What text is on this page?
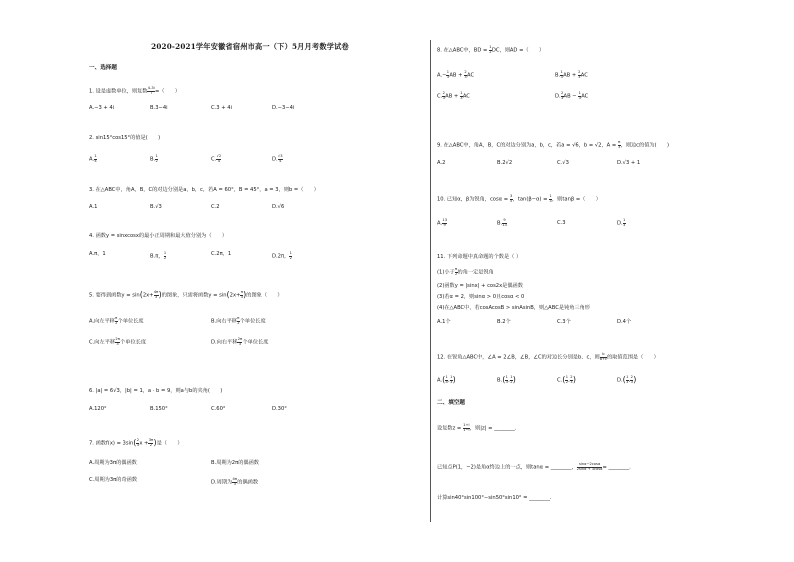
2020-2021学年安徽省宿州市高一（下）5月月考数学试卷
一、选择题
1. 设是虚数单位，则复数 $\frac{4-3i}{i}$ =（　　）
A.−3 + 4i	B.3−4i	C.3 + 4i	D.−3−4i
2. sin15°cos15°的值是(　　)
A. $\frac{1}{4}$	B. $\frac{1}{2}$	C. $\frac{√2}{4}$	D. $\frac{√3}{4}$
3. 在△ABC中，角A，B，C的对边分别是a，b，c，若A = 60°，B = 45°，a = 3，则b =（　　）
A.1	B.√3	C.2	D.√6
4. 函数y = sinxcosx的最小正周期和最大值分别为（　　）
A.π，1	B.π， $\frac{1}{2}$	C.2π，1	D.2π， $\frac{1}{2}$
5. 要得到函数$y = \sin(2x+ \frac{4\pi}{3}$ )的图象，只需将函数$y = \sin(2x+ \frac{\pi}{3}$ )的图象（　　）
A.向左平移 $\frac{\pi}{2}$ 个单位长度	B.向右平移 $\frac{\pi}{2}$ 个单位长度
C.向左平移 $\frac{2\pi}{3}$ 个单位长度	D.向右平移 $\frac{2\pi}{3}$ 个单位长度
6. |a| = 6√3，|b| = 1，a · b = 9，则a与b的夹角(　　)
A.120°	B.150°	C.60°	D.30°
7. 函数$f(x) = 3\sin( \frac{2}{3}$ $x + \frac{3\pi}{2}$ )是（　　）
A.周期为3π的偶函数	B.周期为2π的偶函数
C.周期为3π的奇函数	D.周期为 $\frac{4\pi}{3}$ 的偶函数
8. 在△ABC中，BD = $\frac{1}{2}$ DC，则AD =（　　）
$A.- \frac{1}{3}$ AB + $\frac{2}{3}$ AC	B. $\frac{1}{3}$ AB + $\frac{2}{3}$ AC
C. $\frac{2}{3}$ AB + $\frac{1}{3}$ AC	D. $\frac{2}{3}$ AB − $\frac{1}{3}$ AC
9. 在△ABC中，角A，B，C的对边分别为a，b，c，若a = √6，b = √2，$A = \frac{\pi}{3}$ ，则边c的值为(　　)
A.2	B.2√2	C.√3	D.√3 + 1
10. 已知α，β为锐角，$\cos\alpha = \frac{3}{5}$ ，$\tan(\beta-\alpha) = \frac{1}{3}$ ，则tanβ =（　　）
A. $\frac{13}{9}$	B. $\frac{9}{13}$	C.3	D. $\frac{1}{3}$
11. 下列命题中真命题的个数是（ ）
(1)小于 $\frac{\pi}{2}$ 的角一定是锐角
(2)函数y = |sinx| + cos2x是偶函数
(3)若α = 2，则sinα > 0且cosα < 0
(4)在△ABC中，若cosAcosB > sinAsinB，则△ABC是钝角三角形
A.1个	B.2个	C.3个	D.4个
12. 在锐角△ABC中，∠A = 2∠B，∠B，∠C的对边长分别是b、c，则 $\frac{b}{b+c}$ 的取值范围是（　　）
$A.( \frac{1}{4}$ , $\frac{1}{3}$ )	$B.( \frac{1}{3}$ , $\frac{1}{2}$ )	$C.( \frac{1}{2}$ , $\frac{2}{3}$ )	$D.( \frac{1}{3}$ , $\frac{2}{3}$ )
二、填空题
设复数$z = \frac{1+i}{1-i}$ ，则|z| = ________.
已知点P(1，−2)是角α终边上的一点，则tanα = ________， $\frac{\sin\alpha-2\cos\alpha}{2\sin\alpha + 3\cos\alpha}$ = ________.
计算sin40°sin100°−sin50°sin10° = ________.
